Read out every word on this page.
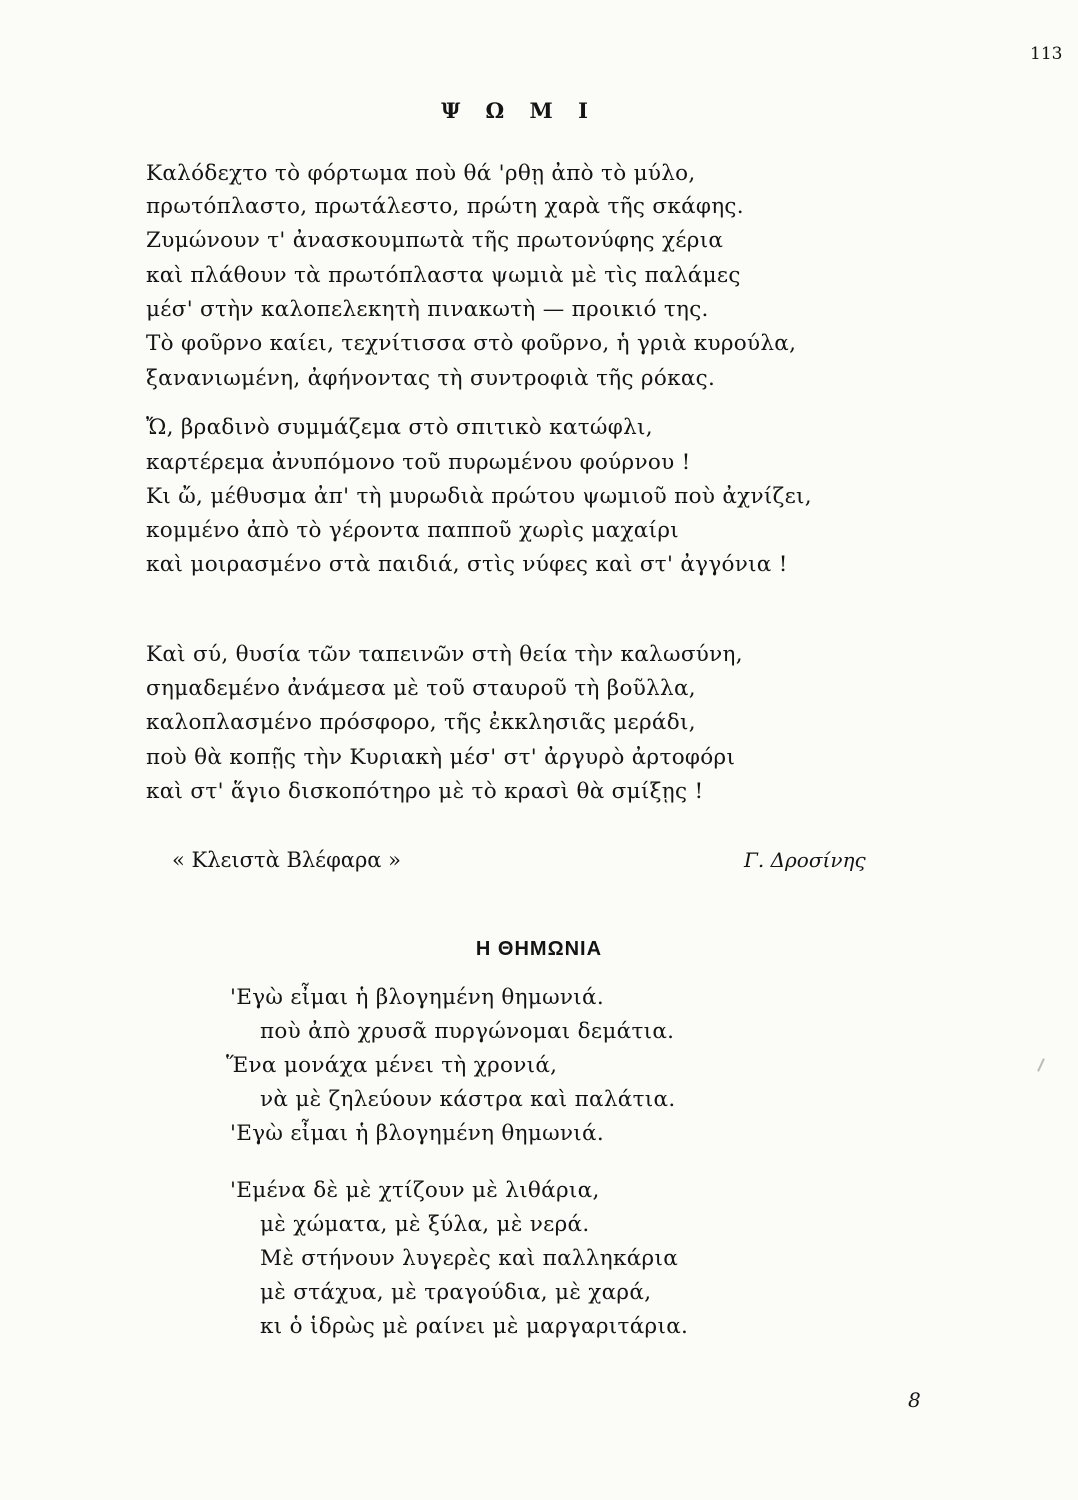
113
Ψ Ω Μ Ι
Καλόδεχτο τὸ φόρτωμα ποὺ θά 'ρθῃ ἀπὸ τὸ μύλο,
πρωτόπλαστο, πρωτάλεστο, πρώτη χαρὰ τῆς σκάφης.
Ζυμώνουν τ' ἀνασκουμπωτὰ τῆς πρωτονύφης χέρια
καὶ πλάθουν τὰ πρωτόπλαστα ψωμιὰ μὲ τὶς παλάμες
μέσ' στὴν καλοπελεκητὴ πινακωτὴ — προικιό της.
Τὸ φοῦρνο καίει, τεχνίτισσα στὸ φοῦρνο, ἡ γριὰ κυρούλα,
ξανανιωμένη, ἀφήνοντας τὴ συντροφιὰ τῆς ρόκας.
Ὤ, βραδινὸ συμμάζεμα στὸ σπιτικὸ κατώφλι,
καρτέρεμα ἀνυπόμονο τοῦ πυρωμένου φούρνου !
Κι ὤ, μέθυσμα ἀπ' τὴ μυρωδιὰ πρώτου ψωμιοῦ ποὺ ἀχνίζει,
κομμένο ἀπὸ τὸ γέροντα παπποῦ χωρὶς μαχαίρι
καὶ μοιρασμένο στὰ παιδιά, στὶς νύφες καὶ στ' ἀγγόνια !
Καὶ σύ, θυσία τῶν ταπεινῶν στὴ θεία τὴν καλωσύνη,
σημαδεμένο ἀνάμεσα μὲ τοῦ σταυροῦ τὴ βοῦλλα,
καλοπλασμένο πρόσφορο, τῆς ἐκκλησιᾶς μεράδι,
ποὺ θὰ κοπῇς τὴν Κυριακὴ μέσ' στ' ἀργυρὸ ἀρτοφόρι
καὶ στ' ἅγιο δισκοπότηρο μὲ τὸ κρασὶ θὰ σμίξῃς !
« Κλειστὰ Βλέφαρα »	Γ. Δροσίνης
Η ΘΗΜΩΝΙΑ
'Εγὼ εἶμαι ἡ βλογημένη θημωνιά.
ποὺ ἀπὸ χρυσᾶ πυργώνομαι δεμάτια.
Ἕνα μονάχα μένει τὴ χρονιά,
νὰ μὲ ζηλεύουν κάστρα καὶ παλάτια.
'Εγὼ εἶμαι ἡ βλογημένη θημωνιά.
'Εμένα δὲ μὲ χτίζουν μὲ λιθάρια,
μὲ χώματα, μὲ ξύλα, μὲ νερά.
Μὲ στήνουν λυγερὲς καὶ παλληκάρια
μὲ στάχυα, μὲ τραγούδια, μὲ χαρά,
κι ὁ ἱδρὼς μὲ ραίνει μὲ μαργαριτάρια.
8
